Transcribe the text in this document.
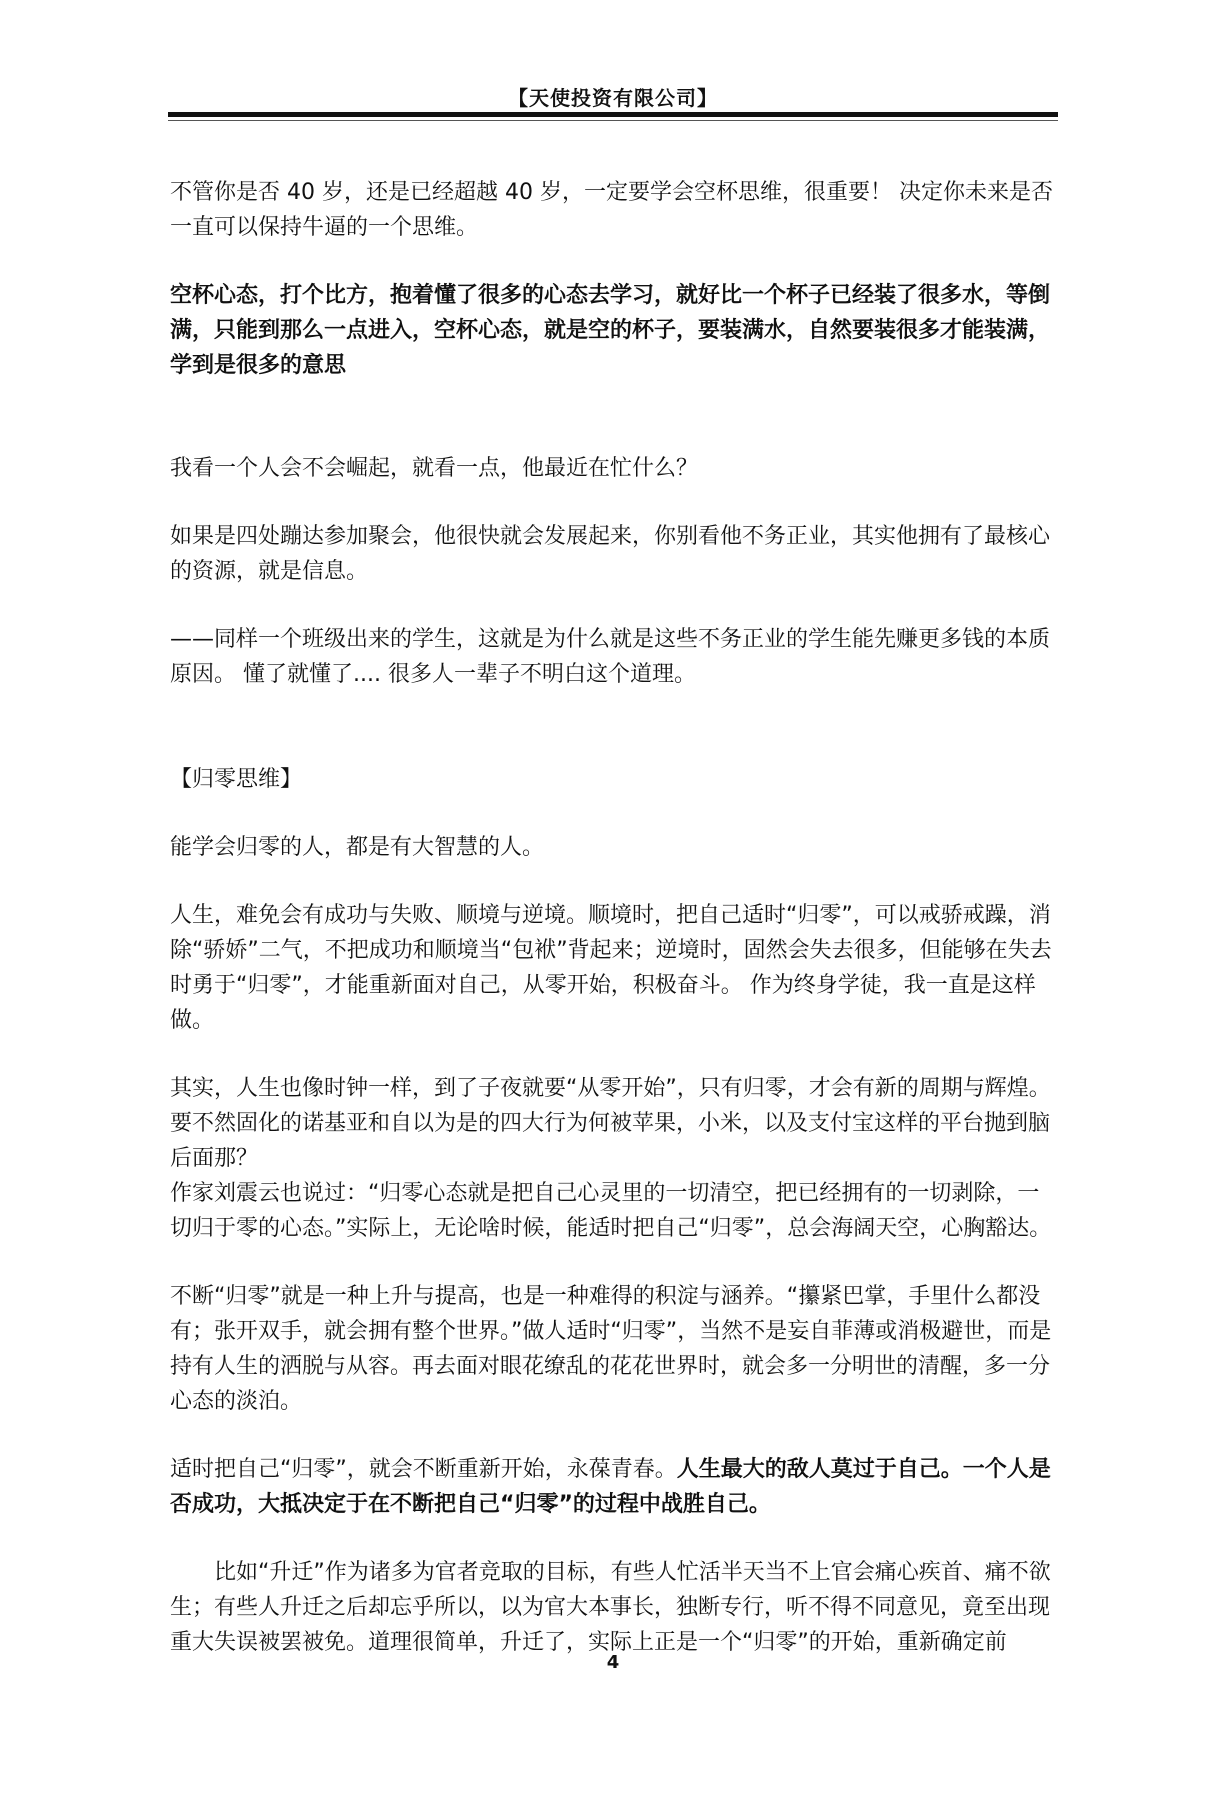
【天使投资有限公司】

不管你是否 40 岁，还是已经超越 40 岁，一定要学会空杯思维，很重要！ 决定你未来是否一直可以保持牛逼的一个思维。

空杯心态，打个比方，抱着懂了很多的心态去学习，就好比一个杯子已经装了很多水，等倒满，只能到那么一点进入，空杯心态，就是空的杯子，要装满水，自然要装很多才能装满，学到是很多的意思

我看一个人会不会崛起，就看一点，他最近在忙什么？

如果是四处蹦达参加聚会，他很快就会发展起来，你别看他不务正业，其实他拥有了最核心的资源，就是信息。

——同样一个班级出来的学生，这就是为什么就是这些不务正业的学生能先赚更多钱的本质原因。 懂了就懂了.... 很多人一辈子不明白这个道理。

【归零思维】

能学会归零的人，都是有大智慧的人。

人生，难免会有成功与失败、顺境与逆境。顺境时，把自己适时“归零”，可以戒骄戒躁，消除“骄娇”二气，不把成功和顺境当“包袱”背起来；逆境时，固然会失去很多，但能够在失去时勇于“归零”，才能重新面对自己，从零开始，积极奋斗。 作为终身学徒，我一直是这样做。

其实，人生也像时钟一样，到了子夜就要“从零开始”，只有归零，才会有新的周期与辉煌。要不然固化的诺基亚和自以为是的四大行为何被苹果，小米，以及支付宝这样的平台抛到脑后面那？

作家刘震云也说过：“归零心态就是把自己心灵里的一切清空，把已经拥有的一切剥除，一切归于零的心态。”实际上，无论啥时候，能适时把自己“归零”，总会海阔天空，心胸豁达。

不断“归零”就是一种上升与提高，也是一种难得的积淀与涵养。“攥紧巴掌，手里什么都没有；张开双手，就会拥有整个世界。”做人适时“归零”，当然不是妄自菲薄或消极避世，而是持有人生的洒脱与从容。再去面对眼花缭乱的花花世界时，就会多一分明世的清醒，多一分心态的淡泊。

适时把自己“归零”，就会不断重新开始，永葆青春。人生最大的敌人莫过于自己。一个人是否成功，大抵决定于在不断把自己“归零”的过程中战胜自己。

比如“升迁”作为诸多为官者竞取的目标，有些人忙活半天当不上官会痛心疾首、痛不欲生；有些人升迁之后却忘乎所以，以为官大本事长，独断专行，听不得不同意见，竟至出现重大失误被罢被免。道理很简单，升迁了，实际上正是一个“归零”的开始，重新确定前

4
